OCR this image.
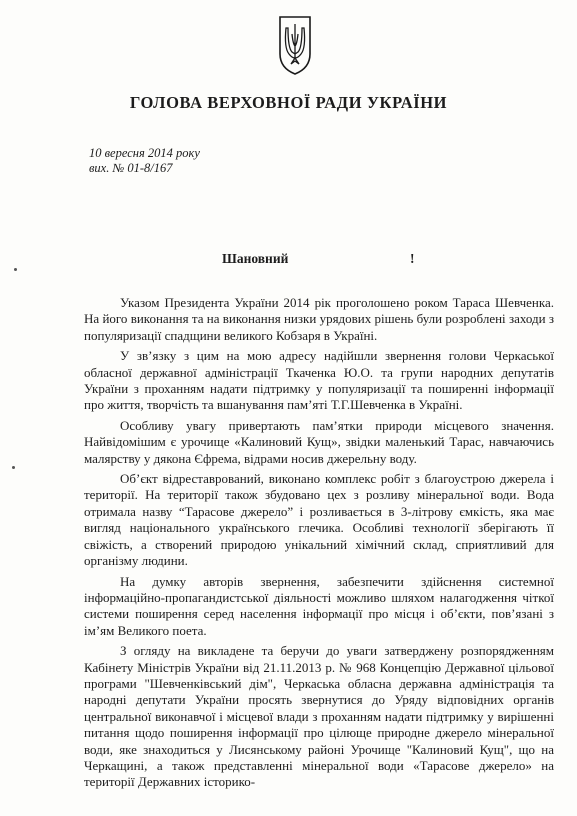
ГОЛОВА ВЕРХОВНОЇ РАДИ УКРАЇНИ
10 вересня 2014 року
вих. № 01-8/167
Шановний	!

Указом Президента України 2014 рік проголошено роком Тараса Шевченка. На його виконання та на виконання низки урядових рішень були розроблені заходи з популяризації спадщини великого Кобзаря в Україні.

У зв’язку з цим на мою адресу надійшли звернення голови Черкаської обласної державної адміністрації Ткаченка Ю.О. та групи народних депутатів України з проханням надати підтримку у популяризації та поширенні інформації про життя, творчість та вшанування пам’яті Т.Г.Шевченка в Україні.

Особливу увагу привертають пам’ятки природи місцевого значення. Найвідомішим є урочище «Калиновий Кущ», звідки маленький Тарас, навчаючись малярству у дяконa Єфрема, відрами носив джерельну воду.

Об’єкт відреставрований, виконано комплекс робіт з благоустрою джерела і території. На території також збудовано цех з розливу мінеральної води. Вода отримала назву “Тарасове джерело” і розливається в 3-літрову ємкість, яка має вигляд національного українського глечика. Особливі технології зберігають її свіжість, а створений природою унікальний хімічний склад, сприятливий для організму людини.

На думку авторів звернення, забезпечити здійснення системної інформаційно-пропагандистської діяльності можливо шляхом налагодження чіткої системи поширення серед населення інформації про місця і об’єкти, пов’язані з ім’ям Великого поета.

З огляду на викладене та беручи до уваги затверджену розпорядженням Кабінету Міністрів України від 21.11.2013 р. № 968 Концепцію Державної цільової програми "Шевченківський дім", Черкаська обласна державна адміністрація та народні депутати України просять звернутися до Уряду відповідних органів центральної виконавчої і місцевої влади з проханням надати підтримку у вирішенні питання щодо поширення інформації про цілюще природне джерело мінеральної води, яке знаходиться у Лисянському районі Урочище "Калиновий Кущ", що на Черкащині, а також представленні мінеральної води «Тарасове джерело» на території Державних історико-
